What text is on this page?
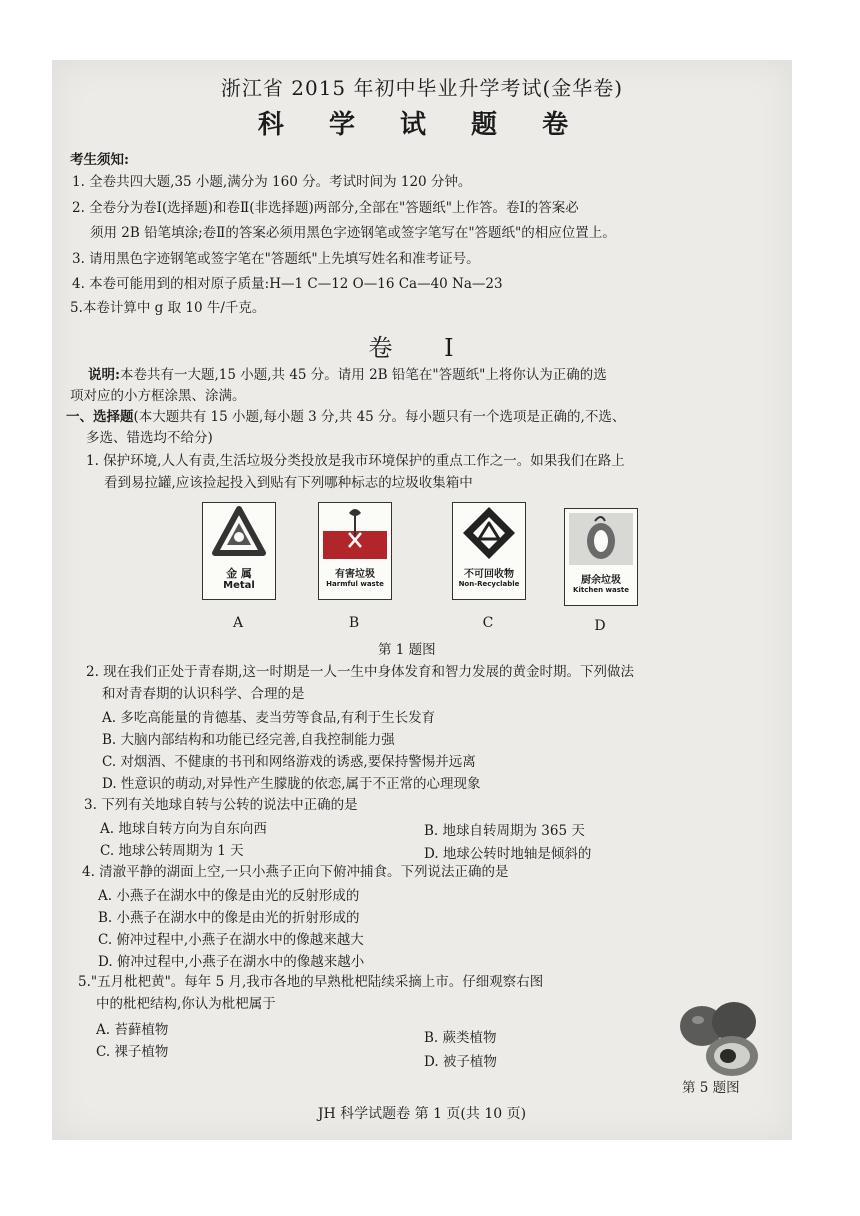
浙江省 2015 年初中毕业升学考试(金华卷)
科 学 试 题 卷
考生须知:
1. 全卷共四大题,35 小题,满分为 160 分。考试时间为 120 分钟。
2. 全卷分为卷Ⅰ(选择题)和卷Ⅱ(非选择题)两部分,全部在"答题纸"上作答。卷Ⅰ的答案必
须用 2B 铅笔填涂;卷Ⅱ的答案必须用黑色字迹钢笔或签字笔写在"答题纸"的相应位置上。
3. 请用黑色字迹钢笔或签字笔在"答题纸"上先填写姓名和准考证号。
4. 本卷可能用到的相对原子质量:H—1 C—12 O—16 Ca—40 Na—23
5.本卷计算中 g 取 10 牛/千克。
卷 Ⅰ
说明:本卷共有一大题,15 小题,共 45 分。请用 2B 铅笔在"答题纸"上将你认为正确的选
项对应的小方框涂黑、涂满。
一、选择题(本大题共有 15 小题,每小题 3 分,共 45 分。每小题只有一个选项是正确的,不选、
多选、错选均不给分)
1. 保护环境,人人有责,生活垃圾分类投放是我市环境保护的重点工作之一。如果我们在路上
看到易拉罐,应该捡起投入到贴有下列哪种标志的垃圾收集箱中
金 属
Metal
A
有害垃圾
Harmful waste
B
不可回收物
Non-Recyclable
C
厨余垃圾
Kitchen waste
D
第 1 题图
2. 现在我们正处于青春期,这一时期是一人一生中身体发育和智力发展的黄金时期。下列做法
和对青春期的认识科学、合理的是
A. 多吃高能量的肯德基、麦当劳等食品,有利于生长发育
B. 大脑内部结构和功能已经完善,自我控制能力强
C. 对烟酒、不健康的书刊和网络游戏的诱惑,要保持警惕并远离
D. 性意识的萌动,对异性产生朦胧的依恋,属于不正常的心理现象
3. 下列有关地球自转与公转的说法中正确的是
A. 地球自转方向为自东向西	B. 地球自转周期为 365 天
C. 地球公转周期为 1 天	D. 地球公转时地轴是倾斜的
4. 清澈平静的湖面上空,一只小燕子正向下俯冲捕食。下列说法正确的是
A. 小燕子在湖水中的像是由光的反射形成的
B. 小燕子在湖水中的像是由光的折射形成的
C. 俯冲过程中,小燕子在湖水中的像越来越大
D. 俯冲过程中,小燕子在湖水中的像越来越小
5."五月枇杷黄"。每年 5 月,我市各地的早熟枇杷陆续采摘上市。仔细观察右图
中的枇杷结构,你认为枇杷属于
A. 苔藓植物	B. 蕨类植物
C. 裸子植物
D. 被子植物
第 5 题图
JH 科学试题卷 第 1 页(共 10 页)
